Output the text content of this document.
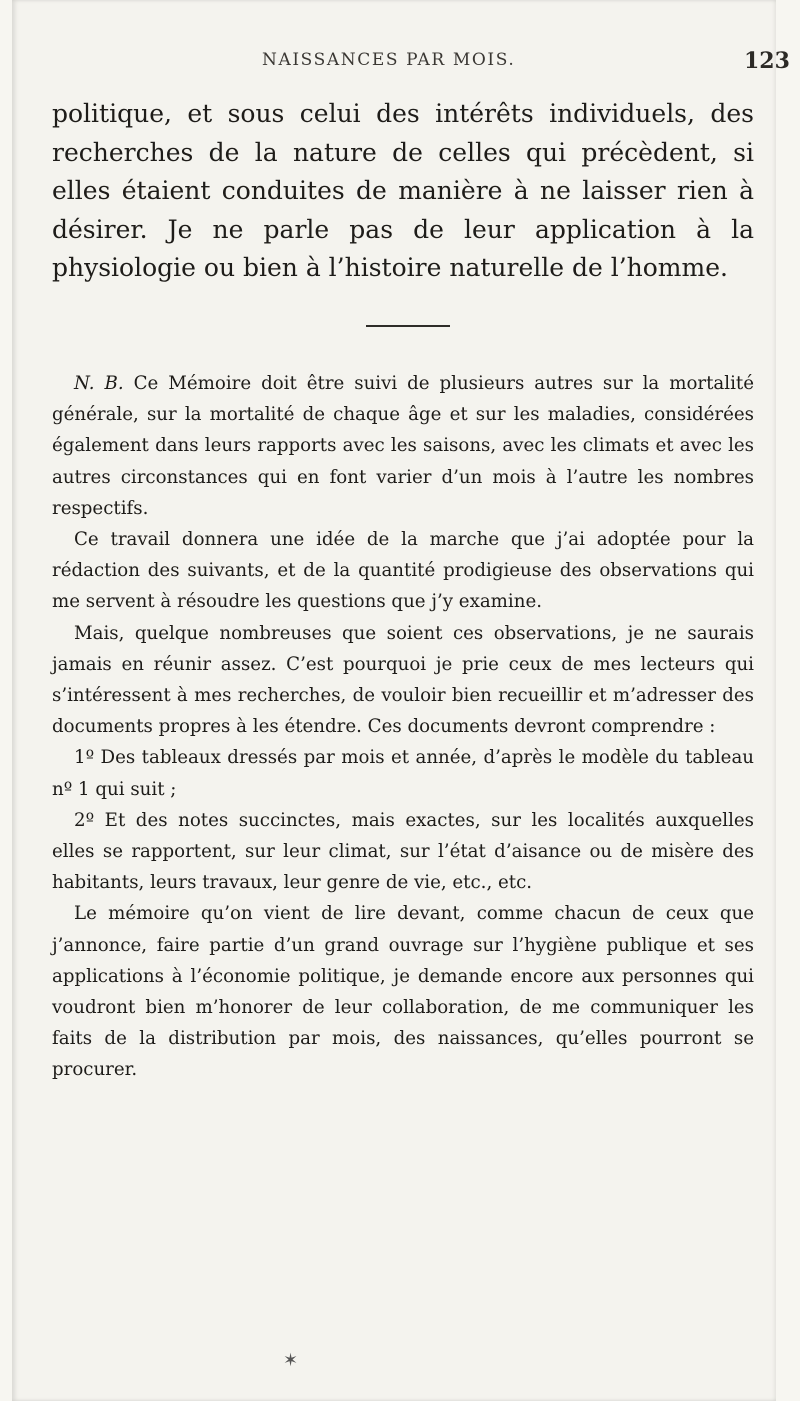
NAISSANCES PAR MOIS.	123

politique, et sous celui des intérêts individuels, des recherches de la nature de celles qui précèdent, si elles étaient conduites de manière à ne laisser rien à désirer. Je ne parle pas de leur application à la physiologie ou bien à l’histoire naturelle de l’homme.

N. B. Ce Mémoire doit être suivi de plusieurs autres sur la mortalité générale, sur la mortalité de chaque âge et sur les maladies, considérées également dans leurs rapports avec les saisons, avec les climats et avec les autres circonstances qui en font varier d’un mois à l’autre les nombres respectifs.

Ce travail donnera une idée de la marche que j’ai adoptée pour la rédaction des suivants, et de la quantité prodigieuse des observations qui me servent à résoudre les questions que j’y examine.

Mais, quelque nombreuses que soient ces observations, je ne saurais jamais en réunir assez. C’est pourquoi je prie ceux de mes lecteurs qui s’intéressent à mes recherches, de vouloir bien recueillir et m’adresser des documents propres à les étendre. Ces documents devront comprendre :

1º Des tableaux dressés par mois et année, d’après le modèle du tableau nº 1 qui suit ;

2º Et des notes succinctes, mais exactes, sur les localités auxquelles elles se rapportent, sur leur climat, sur l’état d’aisance ou de misère des habitants, leurs travaux, leur genre de vie, etc., etc.

Le mémoire qu’on vient de lire devant, comme chacun de ceux que j’annonce, faire partie d’un grand ouvrage sur l’hygiène publique et ses applications à l’économie politique, je demande encore aux personnes qui voudront bien m’honorer de leur collaboration, de me communiquer les faits de la distribution par mois, des naissances, qu’elles pourront se procurer.

✶
